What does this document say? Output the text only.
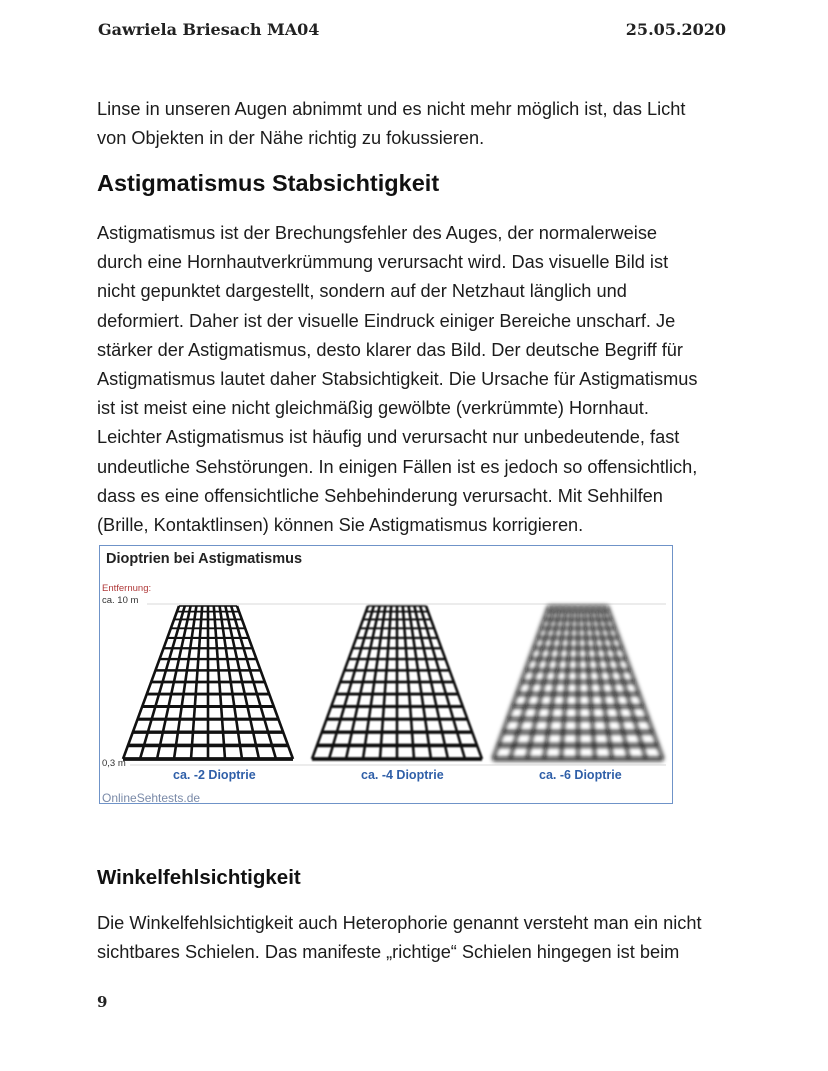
Gawriela Briesach MA04	25.05.2020

Linse in unseren Augen abnimmt und es nicht mehr möglich ist, das Licht
von Objekten in der Nähe richtig zu fokussieren.

Astigmatismus Stabsichtigkeit

Astigmatismus ist der Brechungsfehler des Auges, der normalerweise
durch eine Hornhautverkrümmung verursacht wird. Das visuelle Bild ist
nicht gepunktet dargestellt, sondern auf der Netzhaut länglich und
deformiert. Daher ist der visuelle Eindruck einiger Bereiche unscharf. Je
stärker der Astigmatismus, desto klarer das Bild. Der deutsche Begriff für
Astigmatismus lautet daher Stabsichtigkeit. Die Ursache für Astigmatismus
ist ist meist eine nicht gleichmäßig gewölbte (verkrümmte) Hornhaut.
Leichter Astigmatismus ist häufig und verursacht nur unbedeutende, fast
undeutliche Sehstörungen. In einigen Fällen ist es jedoch so offensichtlich,
dass es eine offensichtliche Sehbehinderung verursacht. Mit Sehhilfen
(Brille, Kontaktlinsen) können Sie Astigmatismus korrigieren.

Dioptrien bei Astigmatismus
Entfernung:
ca. 10 m
0,3 m
ca. -2 Dioptrie	ca. -4 Dioptrie	ca. -6 Dioptrie
OnlineSehtests.de
Winkelfehlsichtigkeit

Die Winkelfehlsichtigkeit auch Heterophorie genannt versteht man ein nicht
sichtbares Schielen. Das manifeste „richtige“ Schielen hingegen ist beim

9
